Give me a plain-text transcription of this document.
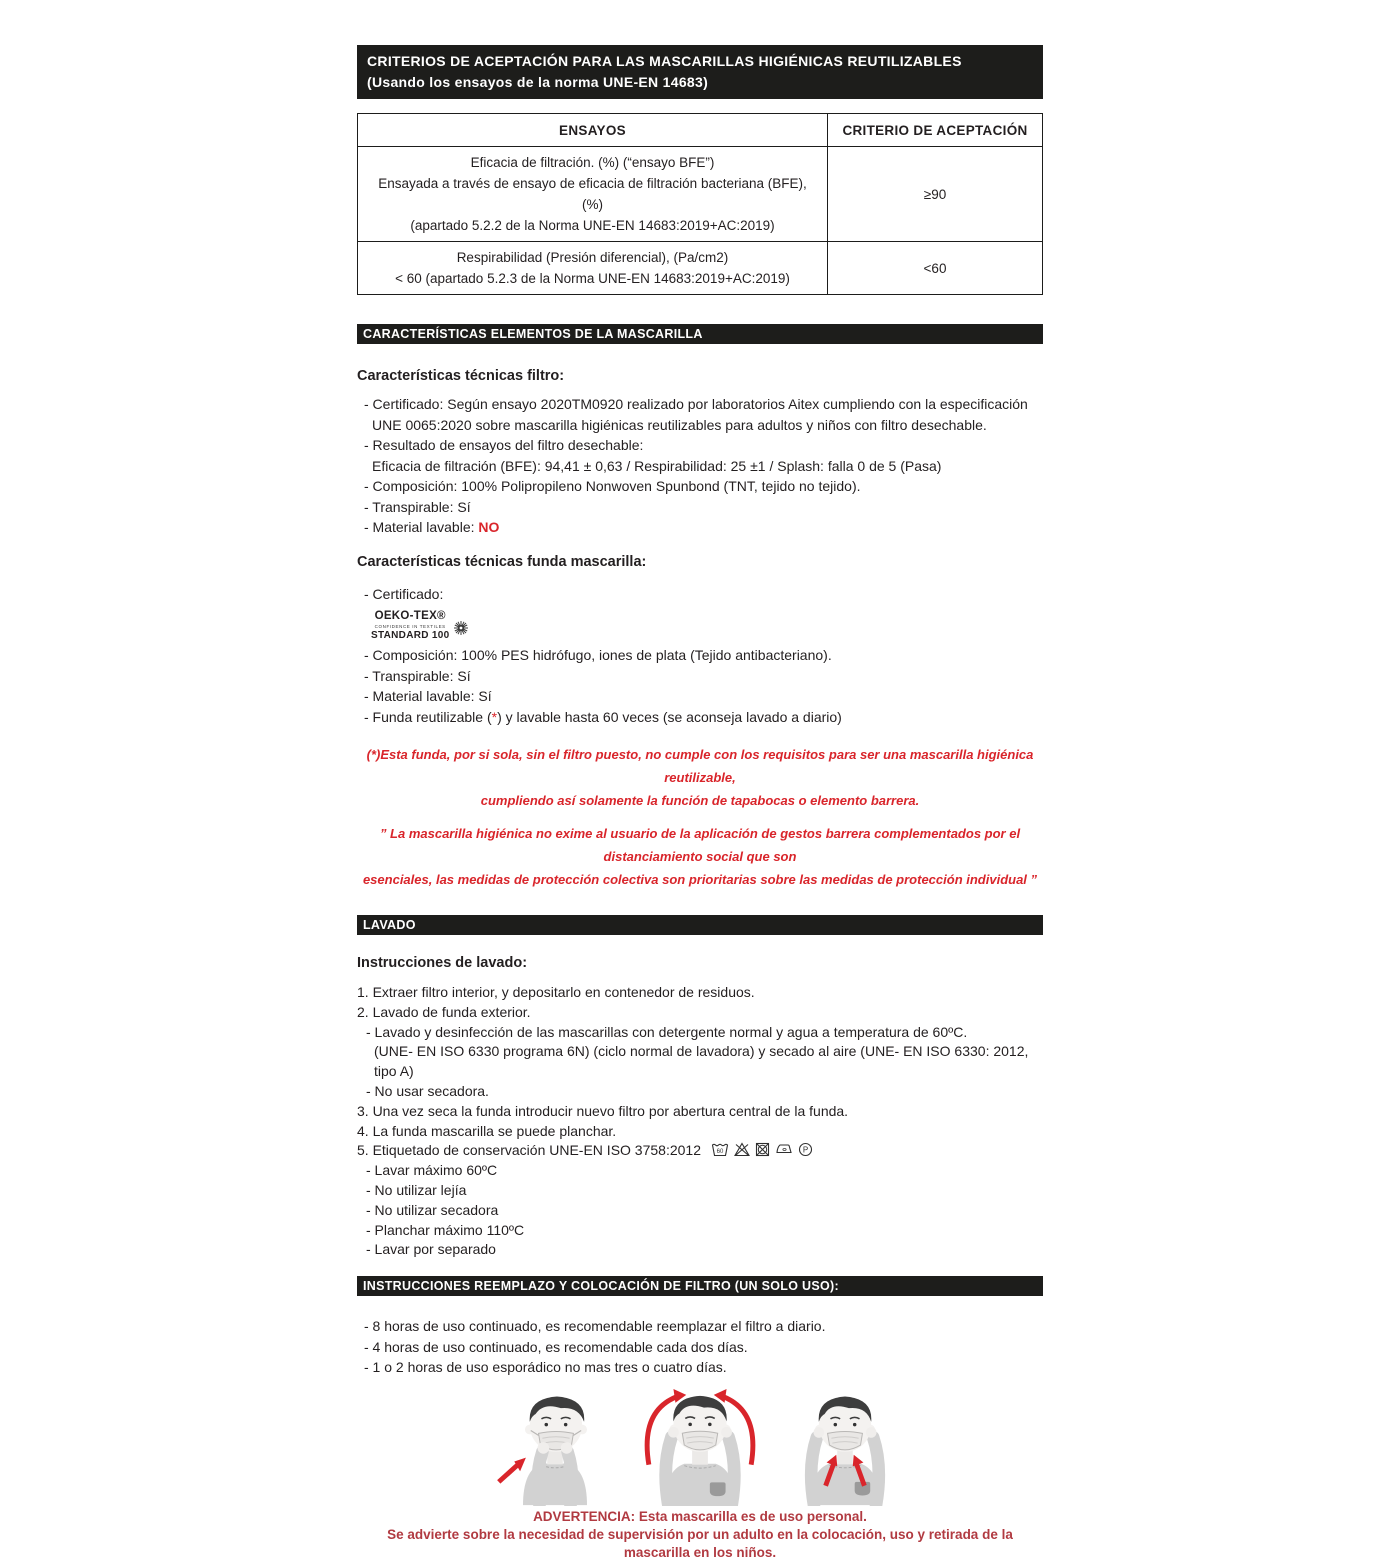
CRITERIOS DE ACEPTACIÓN PARA LAS MASCARILLAS HIGIÉNICAS REUTILIZABLES
(Usando los ensayos de la norma UNE-EN 14683)
ENSAYOS	CRITERIO DE ACEPTACIÓN

Eficacia de filtración. (%) (“ensayo BFE”)
Ensayada a través de ensayo de eficacia de filtración bacteriana (BFE), (%)
(apartado 5.2.2 de la Norma UNE-EN 14683:2019+AC:2019)	≥90

Respirabilidad (Presión diferencial), (Pa/cm2)
< 60 (apartado 5.2.3 de la Norma UNE-EN 14683:2019+AC:2019)	<60
CARACTERÍSTICAS ELEMENTOS DE LA MASCARILLA
Características técnicas filtro:
- Certificado: Según ensayo 2020TM0920 realizado por laboratorios Aitex cumpliendo con la especificación
UNE 0065:2020 sobre mascarilla higiénicas reutilizables para adultos y niños con filtro desechable.
- Resultado de ensayos del filtro desechable:
Eficacia de filtración (BFE): 94,41 ± 0,63 / Respirabilidad: 25 ±1 / Splash: falla 0 de 5 (Pasa)
- Composición: 100% Polipropileno Nonwoven Spunbond (TNT, tejido no tejido).
- Transpirable: Sí
- Material lavable: NO
Características técnicas funda mascarilla:
- Certificado:
OEKO-TEX®
CONFIDENCE IN TEXTILES
STANDARD 100
- Composición: 100% PES hidrófugo, iones de plata (Tejido antibacteriano).
- Transpirable: Sí
- Material lavable: Sí
- Funda reutilizable (*) y lavable hasta 60 veces (se aconseja lavado a diario)
(*)Esta funda, por si sola, sin el filtro puesto, no cumple con los requisitos para ser una mascarilla higiénica reutilizable,
cumpliendo así solamente la función de tapabocas o elemento barrera.
” La mascarilla higiénica no exime al usuario de la aplicación de gestos barrera complementados por el distanciamiento social que son
esenciales, las medidas de protección colectiva son prioritarias sobre las medidas de protección individual ”
LAVADO
Instrucciones de lavado:
1. Extraer filtro interior, y depositarlo en contenedor de residuos.
2. Lavado de funda exterior.
- Lavado y desinfección de las mascarillas con detergente normal y agua a temperatura de 60ºC.
(UNE- EN ISO 6330 programa 6N) (ciclo normal de lavadora) y secado al aire (UNE- EN ISO 6330: 2012, tipo A)
- No usar secadora.
3. Una vez seca la funda introducir nuevo filtro por abertura central de la funda.
4. La funda mascarilla se puede planchar.
5. Etiquetado de conservación UNE-EN ISO 3758:2012	60	P
- Lavar máximo 60ºC
- No utilizar lejía
- No utilizar secadora
- Planchar máximo 110ºC
- Lavar por separado
INSTRUCCIONES REEMPLAZO Y COLOCACIÓN DE FILTRO (UN SOLO USO):
- 8 horas de uso continuado, es recomendable reemplazar el filtro a diario.
- 4 horas de uso continuado, es recomendable cada dos días.
- 1 o 2 horas de uso esporádico no mas tres o cuatro días.
ADVERTENCIA: Esta mascarilla es de uso personal.
Se advierte sobre la necesidad de supervisión por un adulto en la colocación, uso y retirada de la mascarilla en los niños.
